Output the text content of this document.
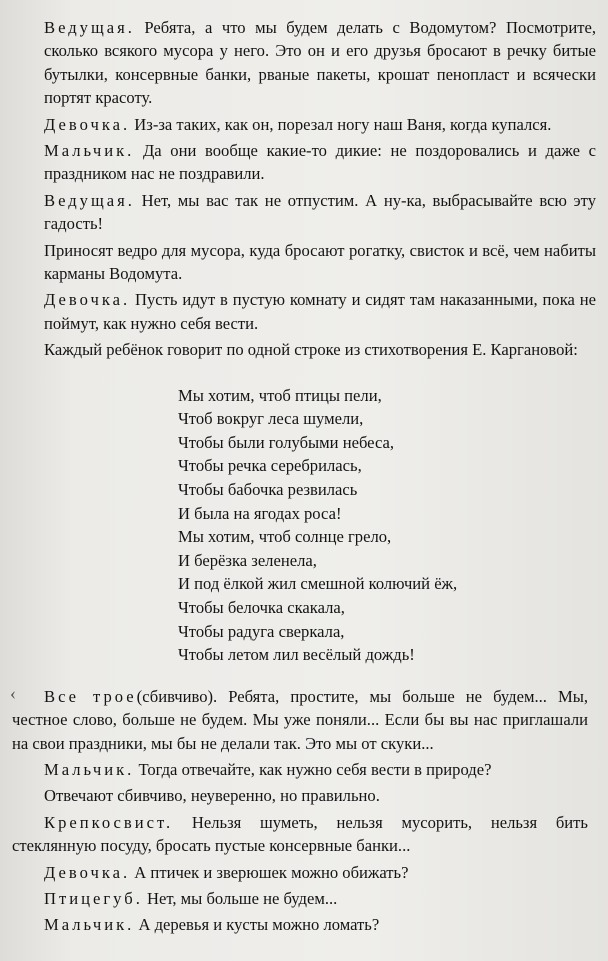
Ведущая. Ребята, а что мы будем делать с Водомутом? Посмотрите, сколько всякого мусора у него. Это он и его друзья бросают в речку битые бутылки, консервные банки, рваные пакеты, крошат пенопласт и всячески портят красоту.

Девочка. Из-за таких, как он, порезал ногу наш Ваня, когда купался.

Мальчик. Да они вообще какие-то дикие: не поздоровались и даже с праздником нас не поздравили.

Ведущая. Нет, мы вас так не отпустим. А ну-ка, выбрасывайте всю эту гадость!

Приносят ведро для мусора, куда бросают рогатку, свисток и всё, чем набиты карманы Водомута.

Девочка. Пусть идут в пустую комнату и сидят там наказанными, пока не поймут, как нужно себя вести.

Каждый ребёнок говорит по одной строке из стихотворения Е. Каргановой:

Мы хотим, чтоб птицы пели,
Чтоб вокруг леса шумели,
Чтобы были голубыми небеса,
Чтобы речка серебрилась,
Чтобы бабочка резвилась
И была на ягодах роса!
Мы хотим, чтоб солнце грело,
И берёзка зеленела,
И под ёлкой жил смешной колючий ёж,
Чтобы белочка скакала,
Чтобы радуга сверкала,
Чтобы летом лил весёлый дождь!

Все трое(сбивчиво). Ребята, простите, мы больше не будем... Мы, честное слово, больше не будем. Мы уже поняли... Если бы вы нас приглашали на свои праздники, мы бы не делали так. Это мы от скуки...

Мальчик. Тогда отвечайте, как нужно себя вести в природе?

Отвечают сбивчиво, неуверенно, но правильно.

Крепкосвист. Нельзя шуметь, нельзя мусорить, нельзя бить стеклянную посуду, бросать пустые консервные банки...

Девочка. А птичек и зверюшек можно обижать?

Птицегуб. Нет, мы больше не будем...

Мальчик. А деревья и кусты можно ломать?

‹
